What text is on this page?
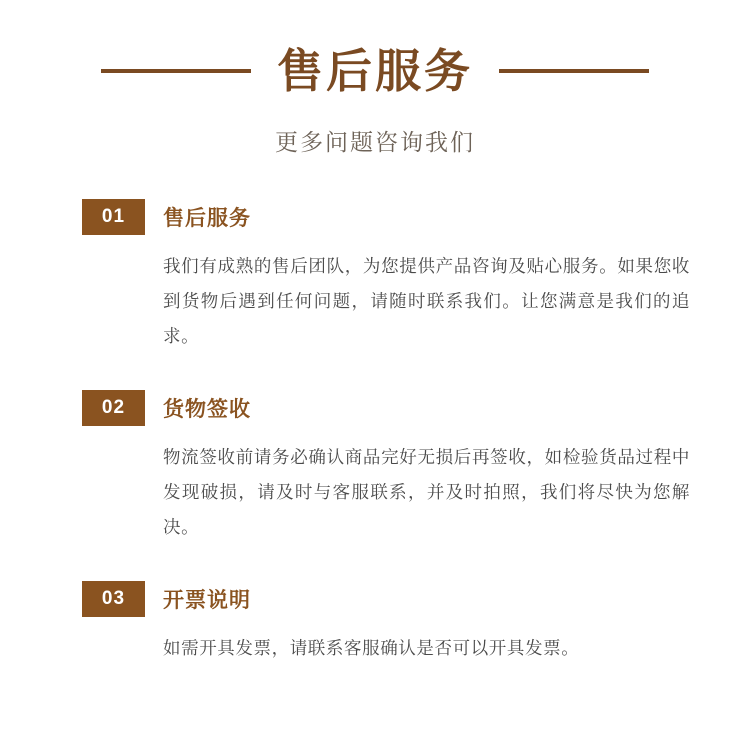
售后服务
更多问题咨询我们
01	售后服务
我们有成熟的售后团队，为您提供产品咨询及贴心服务。如果您收到货物后遇到任何问题，请随时联系我们。让您满意是我们的追求。
02	货物签收
物流签收前请务必确认商品完好无损后再签收，如检验货品过程中发现破损，请及时与客服联系，并及时拍照，我们将尽快为您解决。
03	开票说明
如需开具发票，请联系客服确认是否可以开具发票。
